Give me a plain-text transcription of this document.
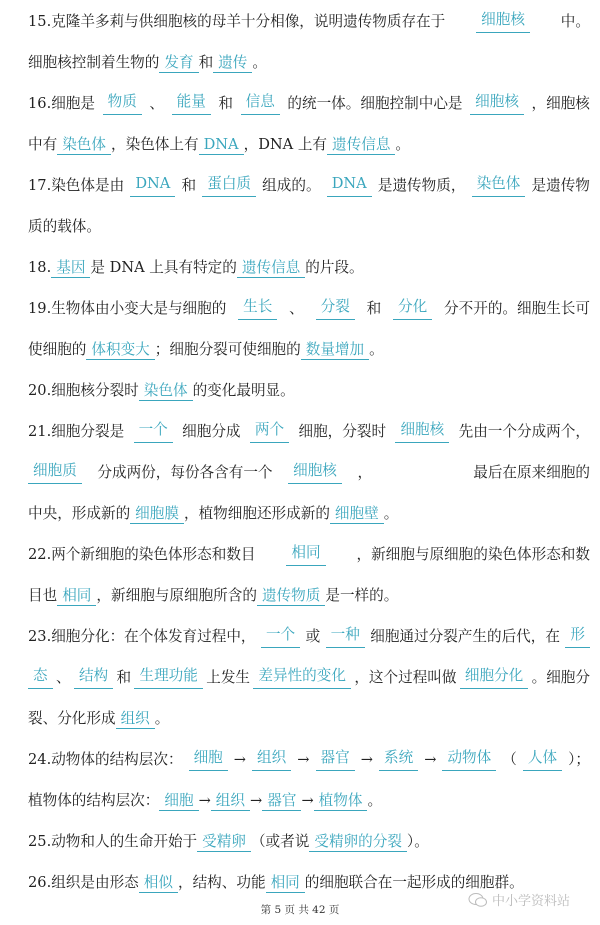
15.克隆羊多莉与供细胞核的母羊十分相像，说明遗传物质存在于	细胞核	中。
细胞核控制着生物的 发育 和 遗传 。
16.细胞是 物质 、 能量 和 信息 的统一体。细胞控制中心是 细胞核 ，细胞核
中有 染色体 ，染色体上有 DNA ，DNA 上有 遗传信息 。
17.染色体是由 DNA 和 蛋白质 组成的。 DNA 是遗传物质， 染色体 是遗传物
质的载体。
18. 基因 是 DNA 上具有特定的 遗传信息 的片段。
19.生物体由小变大是与细胞的	生长	、	分裂	和	分化	分不开的。细胞生长可
使细胞的 体积变大 ；细胞分裂可使细胞的 数量增加 。
20.细胞核分裂时 染色体 的变化最明显。
21.细胞分裂是 一个 细胞分成 两个 细胞，分裂时 细胞核 先由一个分成两个，
细胞质	分成两份，每份各含有一个	细胞核	，	最后在原来细胞的
中央，形成新的 细胞膜 ，植物细胞还形成新的 细胞壁 。
22.两个新细胞的染色体形态和数目	相同	，新细胞与原细胞的染色体形态和数
目也 相同 ，新细胞与原细胞所含的 遗传物质 是一样的。
23.细胞分化：在个体发育过程中， 一个 或 一种 细胞通过分裂产生的后代，在 形
态 、 结构 和 生理功能 上发生 差异性的变化 ，这个过程叫做 细胞分化 。细胞分
裂、分化形成 组织 。
24.动物体的结构层次： 细胞 → 组织 → 器官 → 系统 → 动物体 （ 人体 ）；
植物体的结构层次： 细胞 → 组织 → 器官 → 植物体 。
25.动物和人的生命开始于 受精卵 （或者说 受精卵的分裂 ）。
26.组织是由形态 相似 ，结构、功能 相同 的细胞联合在一起形成的细胞群。
第 5 页 共 42 页
中小学资料站
